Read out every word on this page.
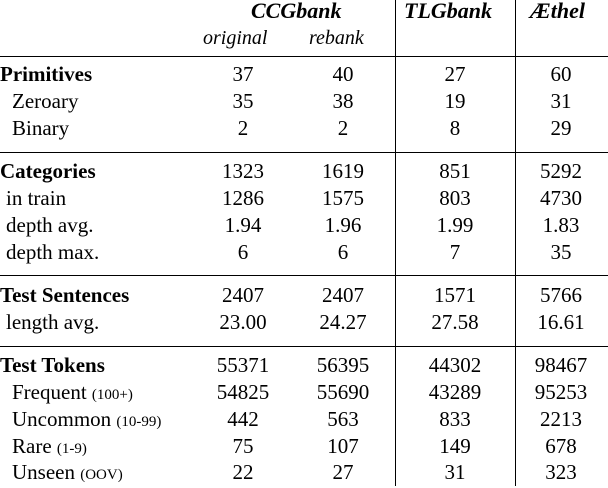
CCGbank
original rebank
TLGbank Æthel
Primitives	37	40	27	60
Zeroary	35	38	19	31
Binary	2	2	8	29
Categories	1323	1619	851	5292
in train	1286	1575	803	4730
depth avg.	1.94	1.96	1.99	1.83
depth max.	6	6	7	35
Test Sentences	2407	2407	1571	5766
length avg.	23.00	24.27	27.58	16.61
Test Tokens	55371	56395	44302	98467
Frequent (100+)	54825	55690	43289	95253
Uncommon (10-99)	442	563	833	2213
Rare (1-9)	75	107	149	678
Unseen (OOV)	22	27	31	323
